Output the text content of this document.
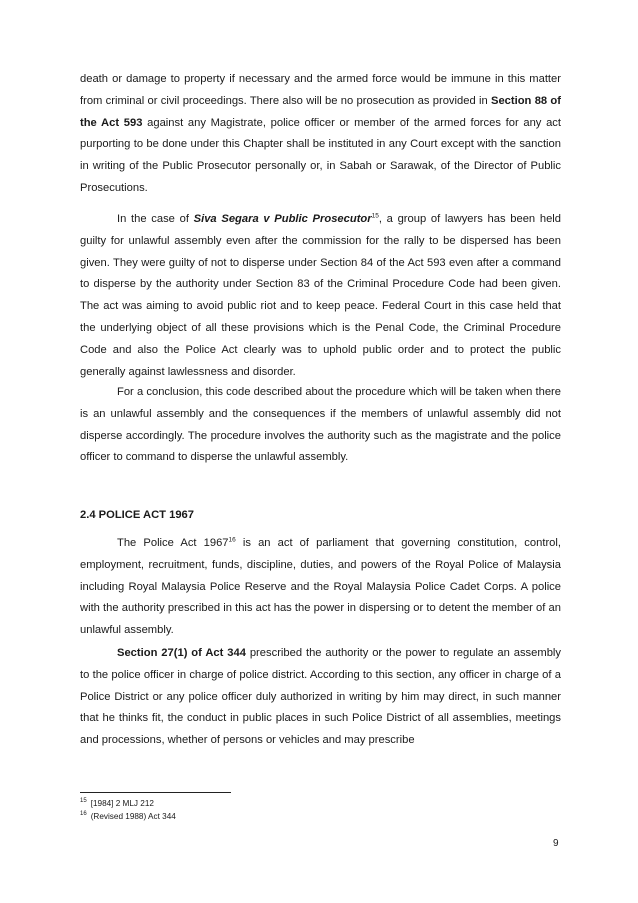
death or damage to property if necessary and the armed force would be immune in this matter from criminal or civil proceedings. There also will be no prosecution as provided in Section 88 of the Act 593 against any Magistrate, police officer or member of the armed forces for any act purporting to be done under this Chapter shall be instituted in any Court except with the sanction in writing of the Public Prosecutor personally or, in Sabah or Sarawak, of the Director of Public Prosecutions.

In the case of Siva Segara v Public Prosecutor$^{15}$, a group of lawyers has been held guilty for unlawful assembly even after the commission for the rally to be dispersed has been given. They were guilty of not to disperse under Section 84 of the Act 593 even after a command to disperse by the authority under Section 83 of the Criminal Procedure Code had been given. The act was aiming to avoid public riot and to keep peace. Federal Court in this case held that the underlying object of all these provisions which is the Penal Code, the Criminal Procedure Code and also the Police Act clearly was to uphold public order and to protect the public generally against lawlessness and disorder.

For a conclusion, this code described about the procedure which will be taken when there is an unlawful assembly and the consequences if the members of unlawful assembly did not disperse accordingly. The procedure involves the authority such as the magistrate and the police officer to command to disperse the unlawful assembly.

2.4 POLICE ACT 1967

The Police Act 1967$^{16}$ is an act of parliament that governing constitution, control, employment, recruitment, funds, discipline, duties, and powers of the Royal Police of Malaysia including Royal Malaysia Police Reserve and the Royal Malaysia Police Cadet Corps. A police with the authority prescribed in this act has the power in dispersing or to detent the member of an unlawful assembly.

Section 27(1) of Act 344 prescribed the authority or the power to regulate an assembly to the police officer in charge of police district. According to this section, any officer in charge of a Police District or any police officer duly authorized in writing by him may direct, in such manner that he thinks fit, the conduct in public places in such Police District of all assemblies, meetings and processions, whether of persons or vehicles and may prescribe

$^{15}$ [1984] 2 MLJ 212
$^{16}$ (Revised 1988) Act 344
9
